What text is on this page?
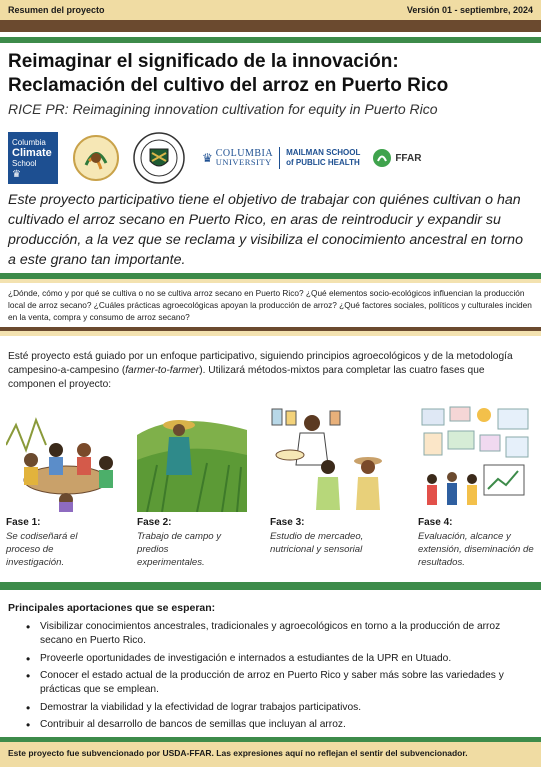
Resumen del proyecto	Versión 01 - septiembre, 2024
Reimaginar el significado de la innovación:
Reclamación del cultivo del arroz en Puerto Rico
RICE PR: Reimagining innovation cultivation for equity in Puerto Rico
Columbia
Climate
School
♛
♛ COLUMBIA
UNIVERSITY
MAILMAN SCHOOL
of PUBLIC HEALTH	FFAR
Este proyecto participativo tiene el objetivo de trabajar con quiénes cultivan o han cultivado el arroz secano en Puerto Rico, en aras de reintroducir y expandir su producción, a la vez que se reclama y visibiliza el conocimiento ancestral en torno a este grano tan importante.
¿Dónde, cómo y por qué se cultiva o no se cultiva arroz secano en Puerto Rico? ¿Qué elementos socio-ecológicos influencian la producción local de arroz secano? ¿Cuáles prácticas agroecológicas apoyan la producción de arroz? ¿Qué factores sociales, políticos y culturales inciden en la venta, compra y consumo de arroz secano?
Esté proyecto está guiado por un enfoque participativo, siguiendo principios agroecológicos y de la metodología campesino-a-campesino (farmer-to-farmer). Utilizará métodos-mixtos para completar las cuatro fases que componen el proyecto:
Fase 1:
Se codiseñará el proceso de investigación.
Fase 2:
Trabajo de campo y predios experimentales.
Fase 3:
Estudio de mercadeo, nutricional y sensorial
Fase 4:
Evaluación, alcance y extensión, diseminación de resultados.
Principales aportaciones que se esperan:
• Visibilizar conocimientos ancestrales, tradicionales y agroecológicos en torno a la producción de arroz secano en Puerto Rico.
• Proveerle oportunidades de investigación e internados a estudiantes de la UPR en Utuado.
• Conocer el estado actual de la producción de arroz en Puerto Rico y saber más sobre las variedades y prácticas que se emplean.
• Demostrar la viabilidad y la efectividad de lograr trabajos participativos.
• Contribuir al desarrollo de bancos de semillas que incluyan al arroz.
Este proyecto fue subvencionado por USDA-FFAR. Las expresiones aquí no reflejan el sentir del subvencionador.
